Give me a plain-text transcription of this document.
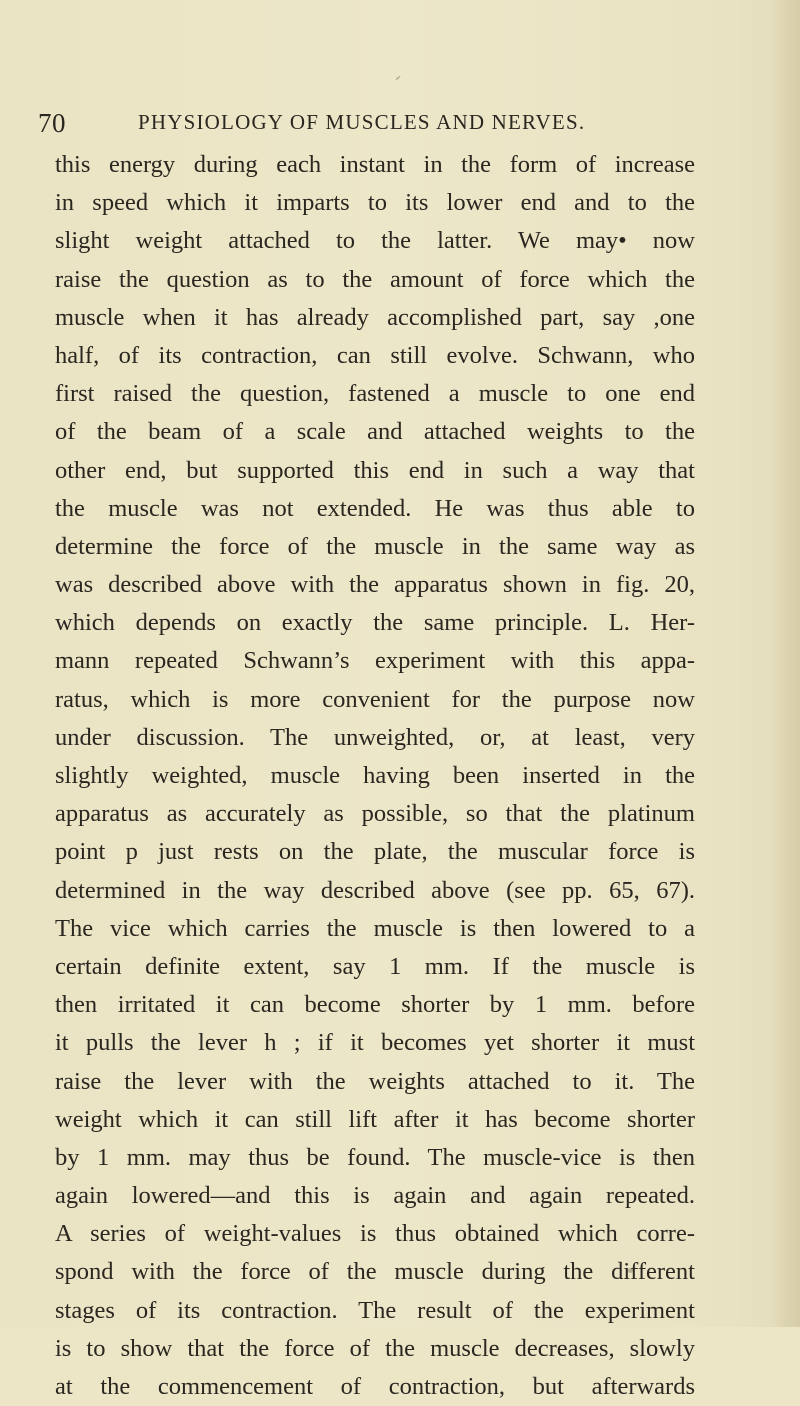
70	PHYSIOLOGY OF MUSCLES AND NERVES.
this energy during each instant in the form of increase
in speed which it imparts to its lower end and to the
slight weight attached to the latter. We may• now
raise the question as to the amount of force which the
muscle when it has already accomplished part, say ,one
half, of its contraction, can still evolve. Schwann, who
first raised the question, fastened a muscle to one end
of the beam of a scale and attached weights to the
other end, but supported this end in such a way that
the muscle was not extended. He was thus able to
determine the force of the muscle in the same way as
was described above with the apparatus shown in fig. 20,
which depends on exactly the same principle. L. Her-
mann repeated Schwann’s experiment with this appa-
ratus, which is more convenient for the purpose now
under discussion. The unweighted, or, at least, very
slightly weighted, muscle having been inserted in the
apparatus as accurately as possible, so that the platinum
point p just rests on the plate, the muscular force is
determined in the way described above (see pp. 65, 67).
The vice which carries the muscle is then lowered to a
certain definite extent, say 1 mm. If the muscle is
then irritated it can become shorter by 1 mm. before
it pulls the lever h ; if it becomes yet shorter it must
raise the lever with the weights attached to it. The
weight which it can still lift after it has become shorter
by 1 mm. may thus be found. The muscle-vice is then
again lowered—and this is again and again repeated.
A series of weight-values is thus obtained which corre-
spond with the force of the muscle during the different
stages of its contraction. The result of the experiment
is to show that the force of the muscle decreases, slowly
at the commencement of contraction, but afterwards
